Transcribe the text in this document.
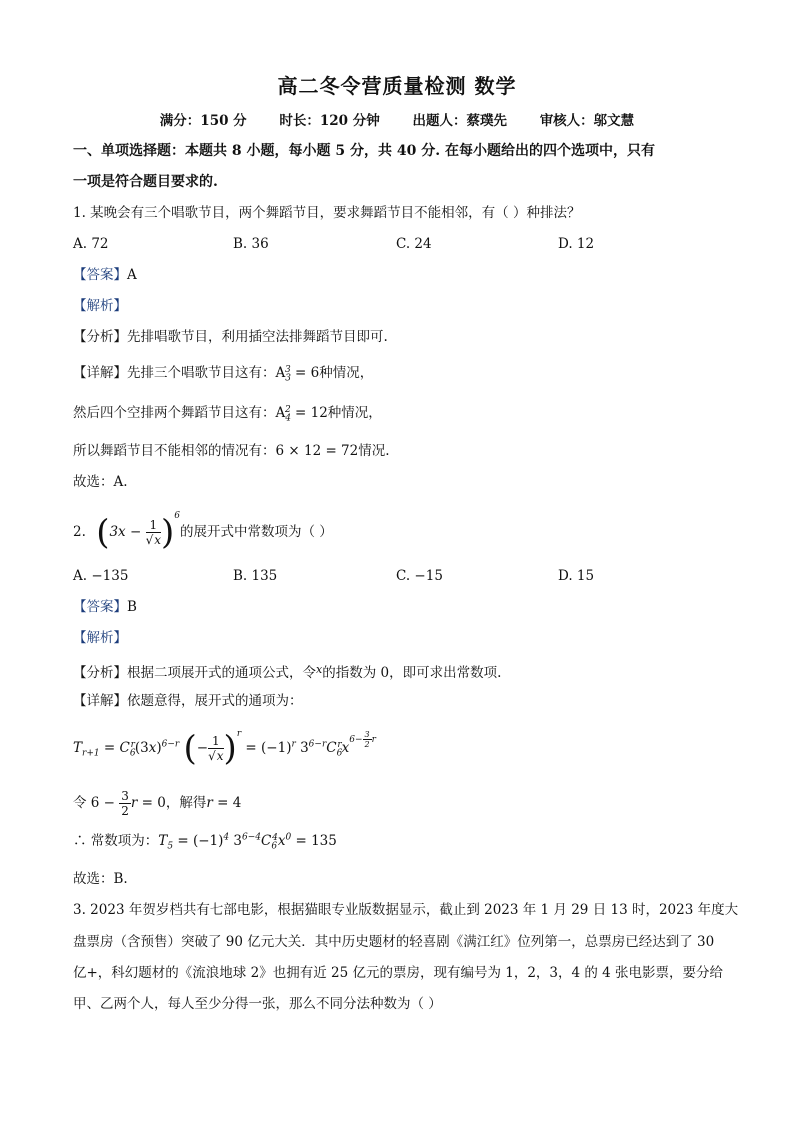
高二冬令营质量检测 数学
满分：150 分 时长：120 分钟 出题人：蔡璞先 审核人：邬文慧
一、单项选择题：本题共 8 小题，每小题 5 分，共 40 分. 在每小题给出的四个选项中，只有
一项是符合题目要求的.
1. 某晚会有三个唱歌节目，两个舞蹈节目，要求舞蹈节目不能相邻，有（ ）种排法？
A. 72	B. 36	C. 24	D. 12
【答案】A
【解析】
【分析】先排唱歌节目，利用插空法排舞蹈节目即可.
【详解】先排三个唱歌节目这有：$A_3^3 = 6$种情况，
然后四个空排两个舞蹈节目这有：$A_4^2 = 12$种情况，
所以舞蹈节目不能相邻的情况有：6 × 12 = 72情况.
故选：A.
2. $(3x - \frac{1}{√x} )^6$的展开式中常数项为（ ）
A. −135	B. 135	C. −15	D. 15
【答案】B
【解析】
【分析】根据二项展开式的通项公式，令$^x$的指数为 0，即可求出常数项.
【详解】依题意得，展开式的通项为：
$T_{r+1} = C_6^r(3x)^{6-r}$ (− $\frac{1}{√x} )^r = (-1)^r$ $3^{6-r}C_6^rx^{6- \frac{3}{2} r}$
令 $6 - \frac{3}{2}$ r = 0，解得r = 4
∴ 常数项为：$T_5 = (-1)^4$ $3^{6-4}C_6^4x^0 = 135$
故选：B.
3. 2023 年贺岁档共有七部电影，根据猫眼专业版数据显示，截止到 2023 年 1 月 29 日 13 时，2023 年度大
盘票房（含预售）突破了 90 亿元大关．其中历史题材的轻喜剧《满江红》位列第一，总票房已经达到了 30
亿+，科幻题材的《流浪地球 2》也拥有近 25 亿元的票房，现有编号为 1，2，3，4 的 4 张电影票，要分给
甲、乙两个人，每人至少分得一张，那么不同分法种数为（ ）
